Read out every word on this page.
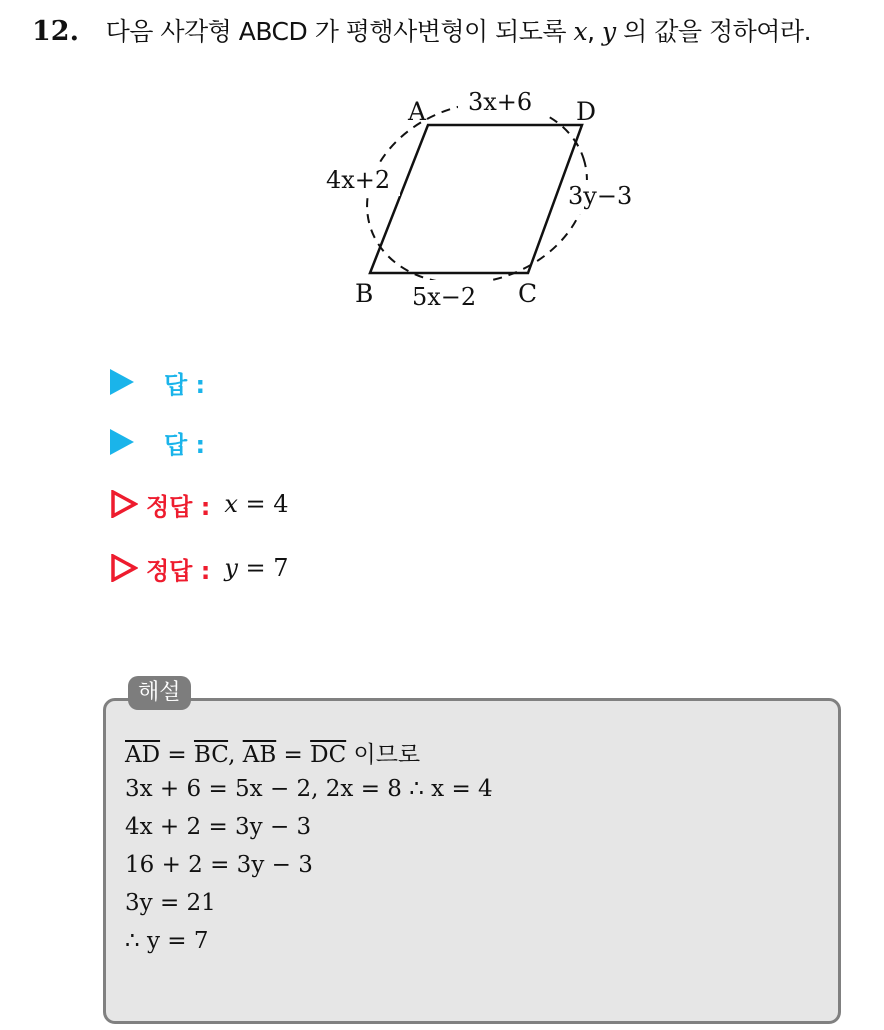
12. 다음 사각형 ABCD 가 평행사변형이 되도록 x, y 의 값을 정하여라.
A	D
B	C
3x+6
4x+2
3y−3
5x−2
답 :
답 :
정답 : x = 4
정답 : y = 7
해설
$\overline{AD} = \overline{BC}$, $\overline{AB} = \overline{DC}$ 이므로
3x + 6 = 5x − 2, 2x = 8 ∴ x = 4
4x + 2 = 3y − 3
16 + 2 = 3y − 3
3y = 21
∴ y = 7
